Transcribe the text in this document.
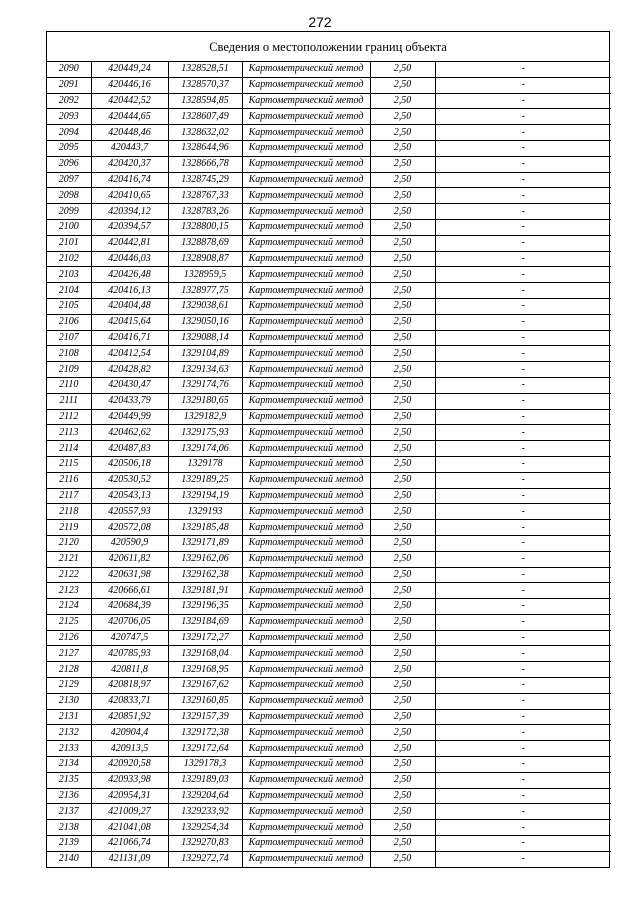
272
Сведения о местоположении границ объекта
2090	420449,24	1328528,51	Картометрический метод	2,50	-
2091	420446,16	1328570,37	Картометрический метод	2,50	-
2092	420442,52	1328594,85	Картометрический метод	2,50	-
2093	420444,65	1328607,49	Картометрический метод	2,50	-
2094	420448,46	1328632,02	Картометрический метод	2,50	-
2095	420443,7	1328644,96	Картометрический метод	2,50	-
2096	420420,37	1328666,78	Картометрический метод	2,50	-
2097	420416,74	1328745,29	Картометрический метод	2,50	-
2098	420410,65	1328767,33	Картометрический метод	2,50	-
2099	420394,12	1328783,26	Картометрический метод	2,50	-
2100	420394,57	1328800,15	Картометрический метод	2,50	-
2101	420442,81	1328878,69	Картометрический метод	2,50	-
2102	420446,03	1328908,87	Картометрический метод	2,50	-
2103	420426,48	1328959,5	Картометрический метод	2,50	-
2104	420416,13	1328977,75	Картометрический метод	2,50	-
2105	420404,48	1329038,61	Картометрический метод	2,50	-
2106	420415,64	1329050,16	Картометрический метод	2,50	-
2107	420416,71	1329088,14	Картометрический метод	2,50	-
2108	420412,54	1329104,89	Картометрический метод	2,50	-
2109	420428,82	1329134,63	Картометрический метод	2,50	-
2110	420430,47	1329174,76	Картометрический метод	2,50	-
2111	420433,79	1329180,65	Картометрический метод	2,50	-
2112	420449,99	1329182,9	Картометрический метод	2,50	-
2113	420462,62	1329175,93	Картометрический метод	2,50	-
2114	420487,83	1329174,06	Картометрический метод	2,50	-
2115	420506,18	1329178	Картометрический метод	2,50	-
2116	420530,52	1329189,25	Картометрический метод	2,50	-
2117	420543,13	1329194,19	Картометрический метод	2,50	-
2118	420557,93	1329193	Картометрический метод	2,50	-
2119	420572,08	1329185,48	Картометрический метод	2,50	-
2120	420590,9	1329171,89	Картометрический метод	2,50	-
2121	420611,82	1329162,06	Картометрический метод	2,50	-
2122	420631,98	1329162,38	Картометрический метод	2,50	-
2123	420666,61	1329181,91	Картометрический метод	2,50	-
2124	420684,39	1329196,35	Картометрический метод	2,50	-
2125	420706,05	1329184,69	Картометрический метод	2,50	-
2126	420747,5	1329172,27	Картометрический метод	2,50	-
2127	420785,93	1329168,04	Картометрический метод	2,50	-
2128	420811,8	1329168,95	Картометрический метод	2,50	-
2129	420818,97	1329167,62	Картометрический метод	2,50	-
2130	420833,71	1329160,85	Картометрический метод	2,50	-
2131	420851,92	1329157,39	Картометрический метод	2,50	-
2132	420904,4	1329172,38	Картометрический метод	2,50	-
2133	420913,5	1329172,64	Картометрический метод	2,50	-
2134	420920,58	1329178,3	Картометрический метод	2,50	-
2135	420933,98	1329189,03	Картометрический метод	2,50	-
2136	420954,31	1329204,64	Картометрический метод	2,50	-
2137	421009,27	1329233,92	Картометрический метод	2,50	-
2138	421041,08	1329254,34	Картометрический метод	2,50	-
2139	421066,74	1329270,83	Картометрический метод	2,50	-
2140	421131,09	1329272,74	Картометрический метод	2,50	-
